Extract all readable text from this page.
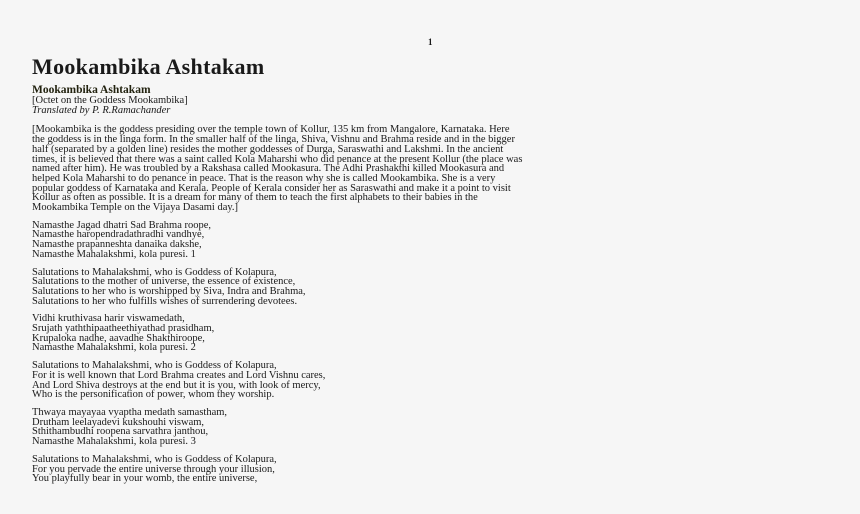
1
Mookambika Ashtakam
Mookambika Ashtakam
[Octet on the Goddess Mookambika]
Translated by P. R.Ramachander
[Mookambika is the goddess presiding over the temple town of Kollur, 135 km from Mangalore, Karnataka. Here
the goddess is in the linga form. In the smaller half of the linga, Shiva, Vishnu and Brahma reside and in the bigger
half (separated by a golden line) resides the mother goddesses of Durga, Saraswathi and Lakshmi. In the ancient
times, it is believed that there was a saint called Kola Maharshi who did penance at the present Kollur (the place was
named after him). He was troubled by a Rakshasa called Mookasura. The Adhi Prashakthi killed Mookasura and
helped Kola Maharshi to do penance in peace. That is the reason why she is called Mookambika. She is a very
popular goddess of Karnataka and Kerala. People of Kerala consider her as Saraswathi and make it a point to visit
Kollur as often as possible. It is a dream for many of them to teach the first alphabets to their babies in the
Mookambika Temple on the Vijaya Dasami day.]
Namasthe Jagad dhatri Sad Brahma roope,
Namasthe haropendradathradhi vandhye,
Namasthe prapanneshta danaika dakshe,
Namasthe Mahalakshmi, kola puresi. 1
Salutations to Mahalakshmi, who is Goddess of Kolapura,
Salutations to the mother of universe, the essence of existence,
Salutations to her who is worshipped by Siva, Indra and Brahma,
Salutations to her who fulfills wishes of surrendering devotees.
Vidhi kruthivasa harir viswamedath,
Srujath yaththipaatheethiyathad prasidham,
Krupaloka nadhe, aavadhe Shakthiroope,
Namasthe Mahalakshmi, kola puresi. 2
Salutations to Mahalakshmi, who is Goddess of Kolapura,
For it is well known that Lord Brahma creates and Lord Vishnu cares,
And Lord Shiva destroys at the end but it is you, with look of mercy,
Who is the personification of power, whom they worship.
Thwaya mayayaa vyaptha medath samastham,
Drutham leelayadevi kukshouhi viswam,
Sthithambudhi roopena sarvathra janthou,
Namasthe Mahalakshmi, kola puresi. 3
Salutations to Mahalakshmi, who is Goddess of Kolapura,
For you pervade the entire universe through your illusion,
You playfully bear in your womb, the entire universe,
